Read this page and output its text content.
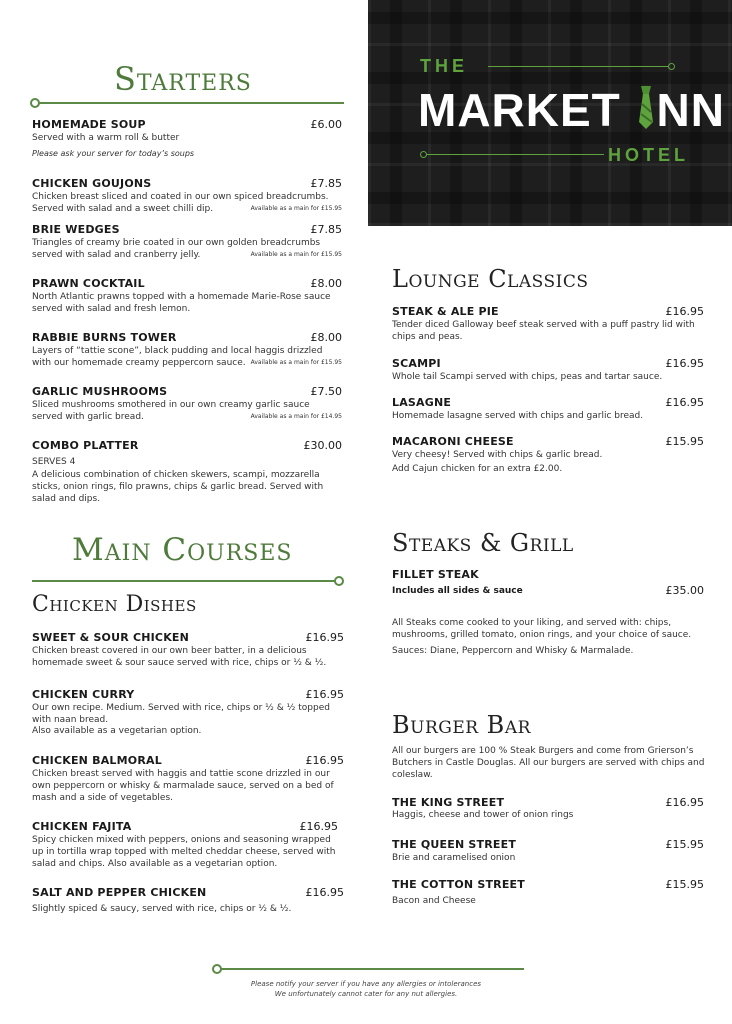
THE
MARKET NN
HOTEL
Starters
HOMEMADE SOUP	£6.00
Served with a warm roll & butter
Please ask your server for today’s soups
CHICKEN GOUJONS	£7.85
Chicken breast sliced and coated in our own spiced breadcrumbs. Served with salad and a sweet chilli dip.	Available as a main for £15.95
BRIE WEDGES	£7.85
Triangles of creamy brie coated in our own golden breadcrumbs served with salad and cranberry jelly.	Available as a main for £15.95
PRAWN COCKTAIL	£8.00
North Atlantic prawns topped with a homemade Marie-Rose sauce served with salad and fresh lemon.
RABBIE BURNS TOWER	£8.00
Layers of “tattie scone”, black pudding and local haggis drizzled with our homemade creamy peppercorn sauce. Available as a main for £15.95
GARLIC MUSHROOMS	£7.50
Sliced mushrooms smothered in our own creamy garlic sauce served with garlic bread.	Available as a main for £14.95
COMBO PLATTER	£30.00
SERVES 4
A delicious combination of chicken skewers, scampi, mozzarella sticks, onion rings, filo prawns, chips & garlic bread. Served with salad and dips.
Main Courses
Chicken Dishes
SWEET & SOUR CHICKEN	£16.95
Chicken breast covered in our own beer batter, in a delicious homemade sweet & sour sauce served with rice, chips or ½ & ½.
CHICKEN CURRY	£16.95
Our own recipe. Medium. Served with rice, chips or ½ & ½ topped with naan bread.
Also available as a vegetarian option.
CHICKEN BALMORAL	£16.95
Chicken breast served with haggis and tattie scone drizzled in our own peppercorn or whisky & marmalade sauce, served on a bed of mash and a side of vegetables.
CHICKEN FAJITA	£16.95
Spicy chicken mixed with peppers, onions and seasoning wrapped up in tortilla wrap topped with melted cheddar cheese, served with salad and chips. Also available as a vegetarian option.
SALT AND PEPPER CHICKEN	£16.95
Slightly spiced & saucy, served with rice, chips or ½ & ½.
Lounge Classics
STEAK & ALE PIE	£16.95
Tender diced Galloway beef steak served with a puff pastry lid with chips and peas.
SCAMPI	£16.95
Whole tail Scampi served with chips, peas and tartar sauce.
LASAGNE	£16.95
Homemade lasagne served with chips and garlic bread.
MACARONI CHEESE	£15.95
Very cheesy! Served with chips & garlic bread.
Add Cajun chicken for an extra £2.00.
Steaks & Grill
FILLET STEAK
Includes all sides & sauce	£35.00
All Steaks come cooked to your liking, and served with: chips, mushrooms, grilled tomato, onion rings, and your choice of sauce.
Sauces: Diane, Peppercorn and Whisky & Marmalade.
Burger Bar
All our burgers are 100 % Steak Burgers and come from Grierson’s Butchers in Castle Douglas. All our burgers are served with chips and coleslaw.
THE KING STREET	£16.95
Haggis, cheese and tower of onion rings
THE QUEEN STREET	£15.95
Brie and caramelised onion
THE COTTON STREET	£15.95
Bacon and Cheese
Please notify your server if you have any allergies or intolerances
We unfortunately cannot cater for any nut allergies.
